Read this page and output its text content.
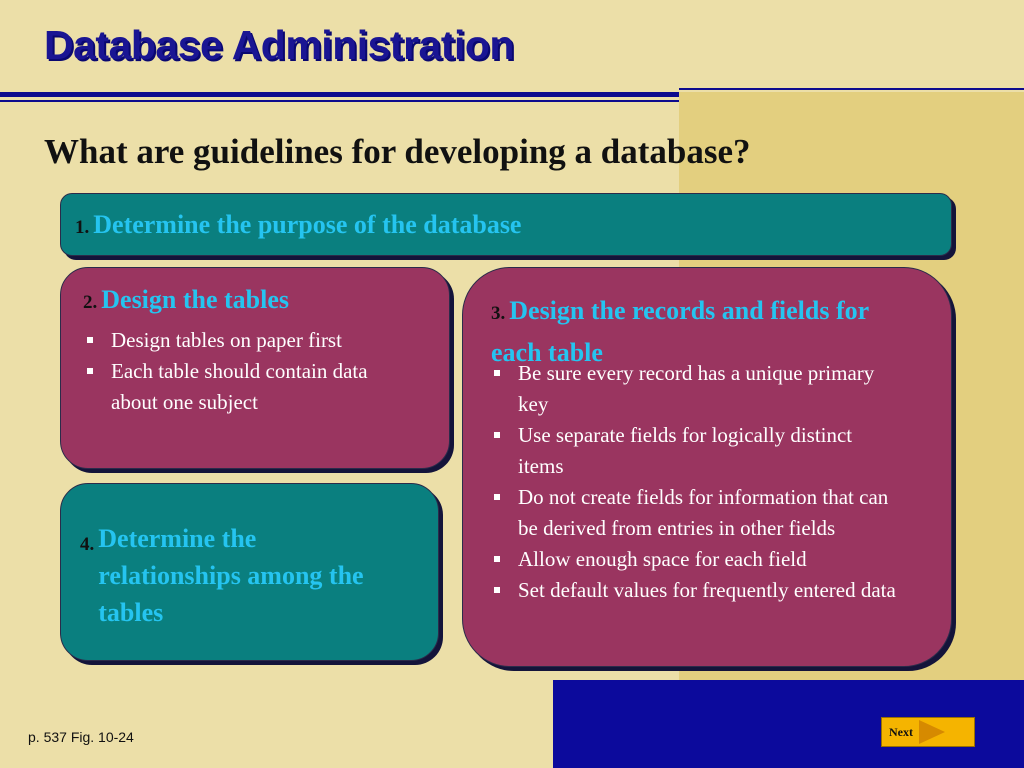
Database Administration
What are guidelines for developing a database?
1. Determine the purpose of the database
2. Design the tables
Design tables on paper first
Each table should contain data about one subject
3. Design the records and fields for each table
Be sure every record has a unique primary key
Use separate fields for logically distinct items
Do not create fields for information that can be derived from entries in other fields
Allow enough space for each field
Set default values for frequently entered data
4. Determine the relationships among the tables
p. 537 Fig. 10-24	Next
